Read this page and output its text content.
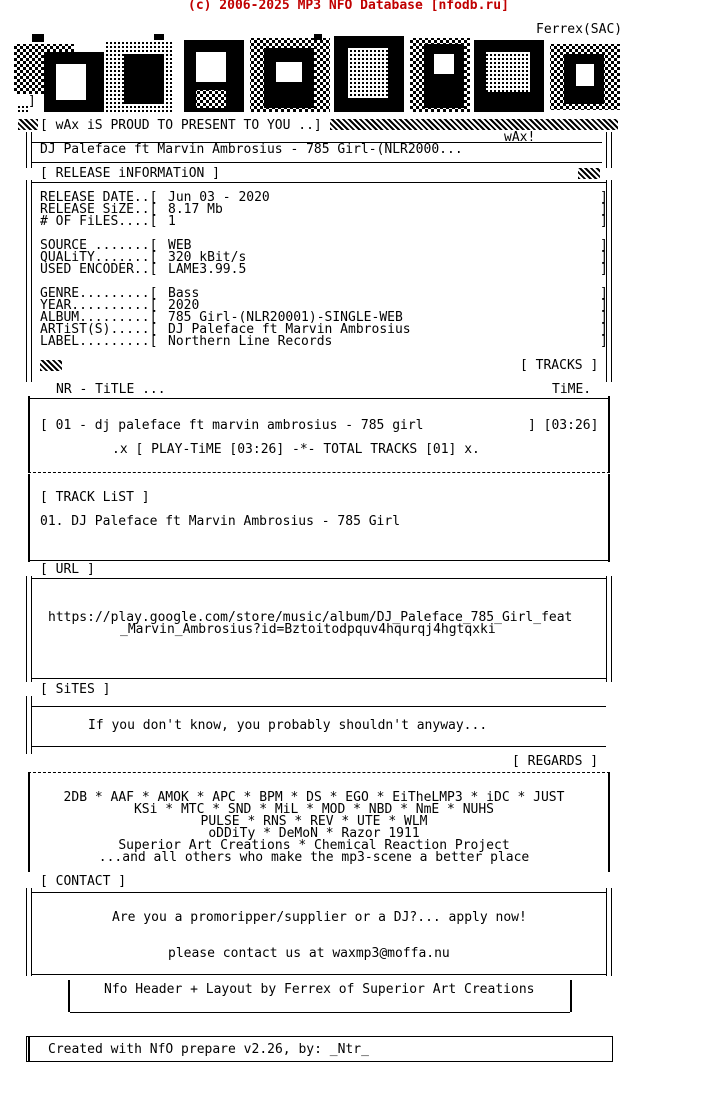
(c) 2006-2025 MP3 NFO Database [nfodb.ru]
Ferrex(SAC)
]
[ wAx iS PROUD TO PRESENT TO YOU ..]
wAx!
DJ Paleface ft Marvin Ambrosius - 785 Girl-(NLR2000...
[ RELEASE iNFORMATiON ]
RELEASE DATE..[ Jun 03 - 2020	]
RELEASE SiZE..[ 8.17 Mb	]
# OF FiLES....[ 1	]
SOURCE .......[ WEB	]
QUALiTY.......[ 320 kBit/s	]
USED ENCODER..[ LAME3.99.5	]
GENRE.........[ Bass	]
YEAR..........[ 2020	]
ALBUM.........[ 785 Girl-(NLR20001)-SINGLE-WEB	]
ARTiST(S).....[ DJ Paleface ft Marvin Ambrosius	]
LABEL.........[ Northern Line Records	]
[ TRACKS ]
NR - TiTLE ...	TiME.
[ 01 - dj paleface ft marvin ambrosius - 785 girl	] [03:26]
.x [ PLAY-TiME [03:26] -*- TOTAL TRACKS [01] x.
[ TRACK LiST ]
01. DJ Paleface ft Marvin Ambrosius - 785 Girl
[ URL ]
https://play.google.com/store/music/album/DJ_Paleface_785_Girl_feat
_Marvin_Ambrosius?id=Bztoitodpquv4hqurqj4hgtqxki
[ SiTES ]
If you don't know, you probably shouldn't anyway...
[ REGARDS ]
2DB * AAF * AMOK * APC * BPM * DS * EGO * EiTheLMP3 * iDC * JUST
KSi * MTC * SND * MiL * MOD * NBD * NmE * NUHS
PULSE * RNS * REV * UTE * WLM
oDDiTy * DeMoN * Razor 1911
Superior Art Creations * Chemical Reaction Project
...and all others who make the mp3-scene a better place
[ CONTACT ]
Are you a promoripper/supplier or a DJ?... apply now!
please contact us at waxmp3@moffa.nu
Nfo Header + Layout by Ferrex of Superior Art Creations
Created with NfO prepare v2.26, by: _Ntr_
